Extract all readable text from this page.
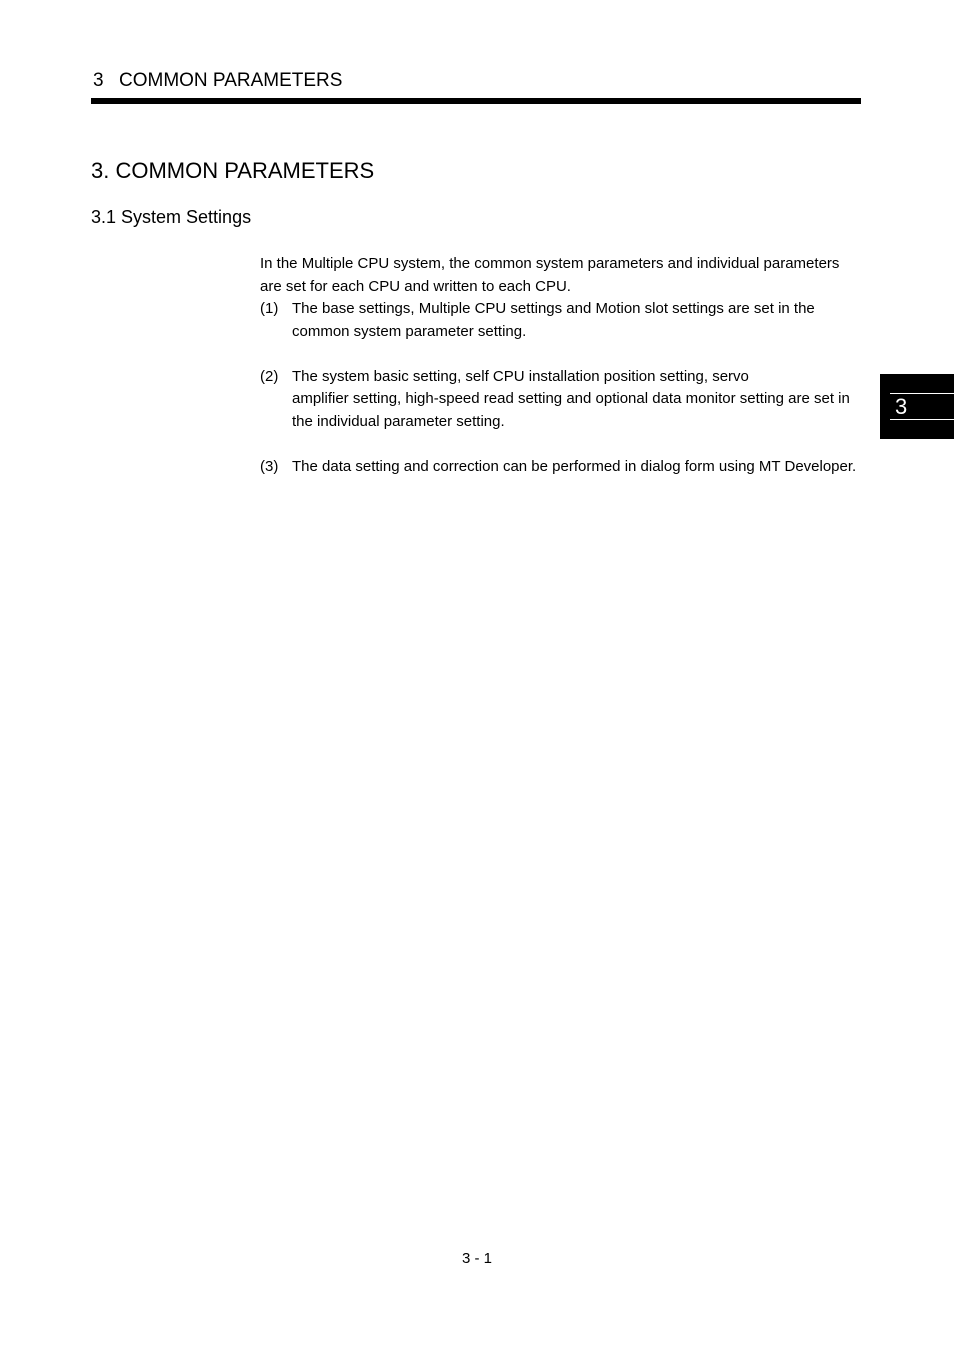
3 COMMON PARAMETERS
3. COMMON PARAMETERS
3.1 System Settings

In the Multiple CPU system, the common system parameters and individual parameters are set for each CPU and written to each CPU.

(1) The base settings, Multiple CPU settings and Motion slot settings are set in the common system parameter setting.
(2) The system basic setting, self CPU installation position setting, servo
amplifier setting, high-speed read setting and optional data monitor setting are set in the individual parameter setting.
(3) The data setting and correction can be performed in dialog form using MT Developer.
3
3 - 1
